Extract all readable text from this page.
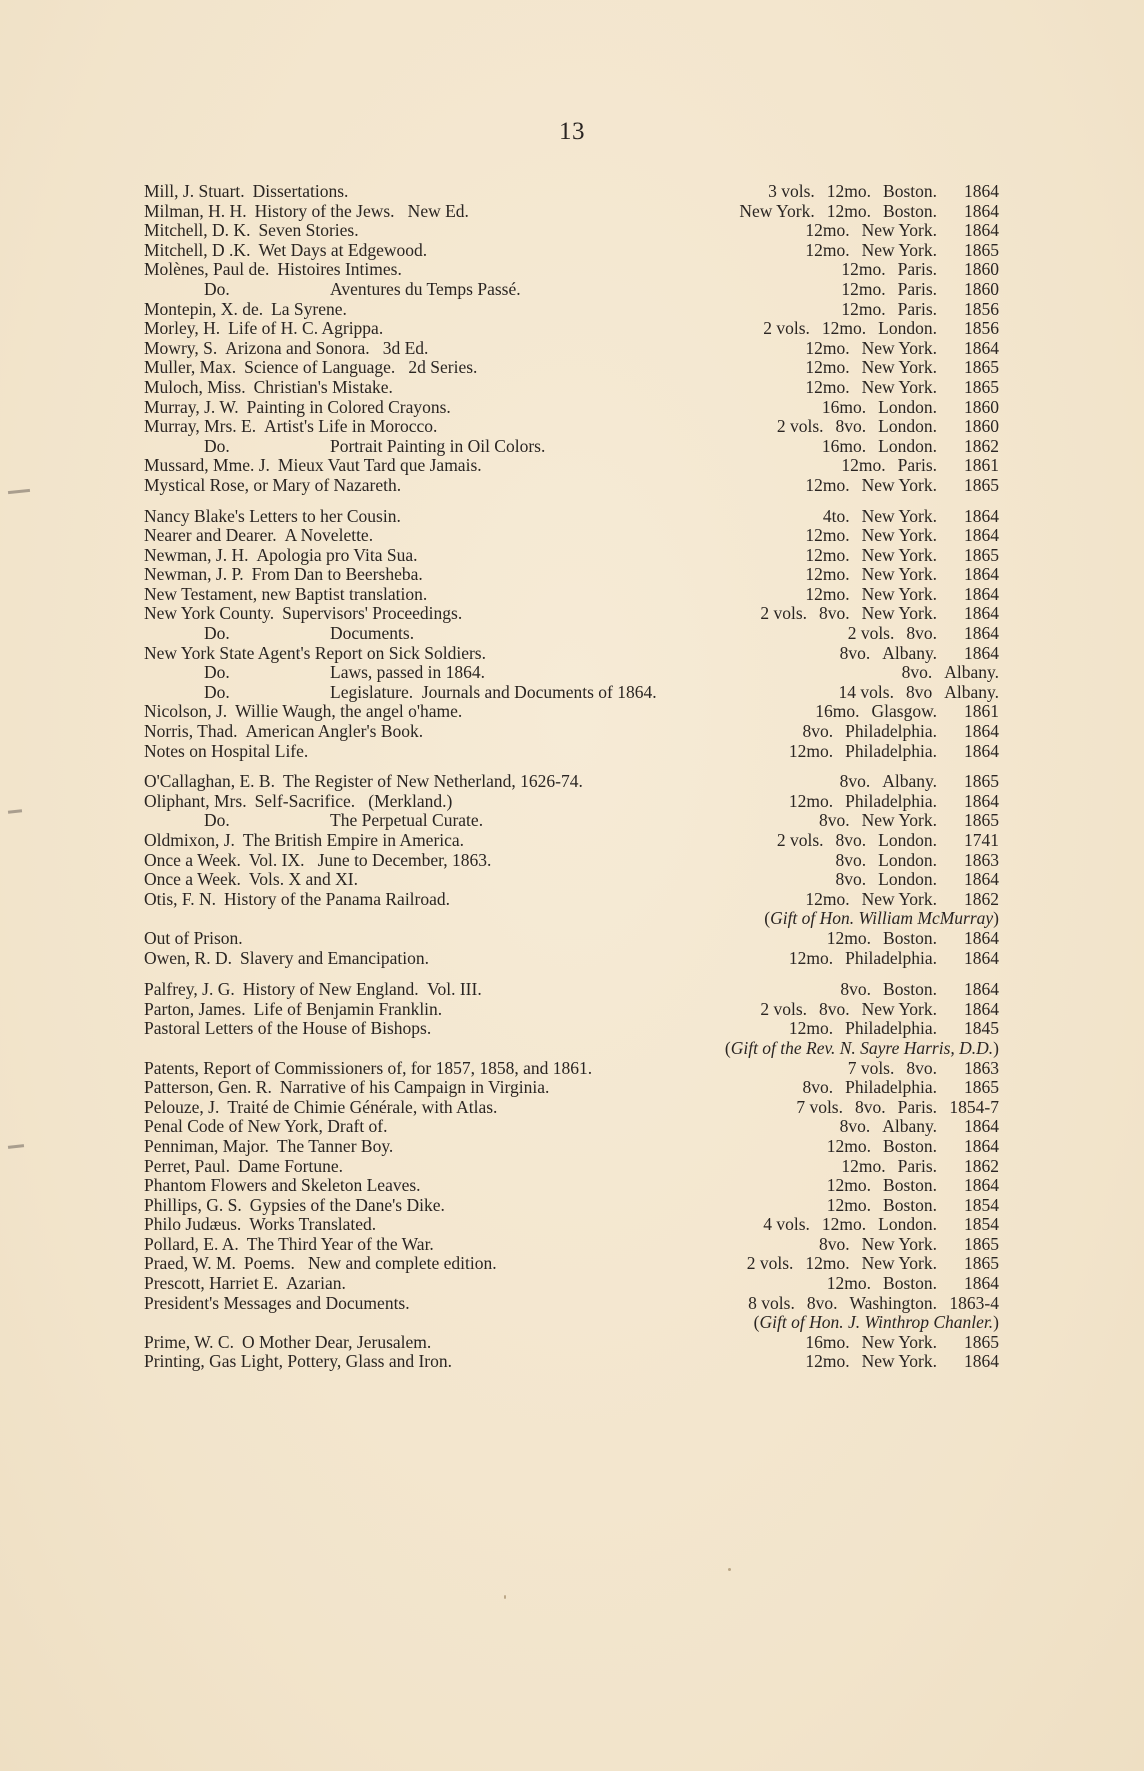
13
Mill, J. Stuart. Dissertations.	3 vols. 12mo. Boston. 1864
Milman, H. H. History of the Jews.   New Ed.	New York. 12mo. Boston. 1864
Mitchell, D. K. Seven Stories.	12mo. New York. 1864
Mitchell, D .K. Wet Days at Edgewood.	12mo. New York. 1865
Molènes, Paul de. Histoires Intimes.	12mo. Paris. 1860
Do.	Aventures du Temps Passé.	12mo. Paris. 1860
Montepin, X. de. La Syrene.	12mo. Paris. 1856
Morley, H. Life of H. C. Agrippa.	2 vols. 12mo. London. 1856
Mowry, S. Arizona and Sonora.   3d Ed.	12mo. New York. 1864
Muller, Max. Science of Language.   2d Series.	12mo. New York. 1865
Muloch, Miss. Christian's Mistake.	12mo. New York. 1865
Murray, J. W. Painting in Colored Crayons.	16mo. London. 1860
Murray, Mrs. E. Artist's Life in Morocco.	2 vols. 8vo. London. 1860
Do.	Portrait Painting in Oil Colors.	16mo. London. 1862
Mussard, Mme. J. Mieux Vaut Tard que Jamais.	12mo. Paris. 1861
Mystical Rose, or Mary of Nazareth.	12mo. New York. 1865
Nancy Blake's Letters to her Cousin.	4to. New York. 1864
Nearer and Dearer. A Novelette.	12mo. New York. 1864
Newman, J. H. Apologia pro Vita Sua.	12mo. New York. 1865
Newman, J. P. From Dan to Beersheba.	12mo. New York. 1864
New Testament, new Baptist translation.	12mo. New York. 1864
New York County. Supervisors' Proceedings.	2 vols. 8vo. New York. 1864
Do.	Documents.	2 vols. 8vo. 1864
New York State Agent's Report on Sick Soldiers.	8vo. Albany. 1864
Do.	Laws, passed in 1864.	8vo. Albany.
Do.	Legislature.  Journals and Documents of 1864.	14 vols. 8vo Albany.
Nicolson, J. Willie Waugh, the angel o'hame.	16mo. Glasgow. 1861
Norris, Thad. American Angler's Book.	8vo. Philadelphia. 1864
Notes on Hospital Life.	12mo. Philadelphia. 1864
O'Callaghan, E. B. The Register of New Netherland, 1626-74.	8vo. Albany. 1865
Oliphant, Mrs. Self-Sacrifice.   (Merkland.)	12mo. Philadelphia. 1864
Do.	The Perpetual Curate.	8vo. New York. 1865
Oldmixon, J. The British Empire in America.	2 vols. 8vo. London. 1741
Once a Week. Vol. IX.   June to December, 1863.	8vo. London. 1863
Once a Week. Vols. X and XI.	8vo. London. 1864
Otis, F. N. History of the Panama Railroad.	12mo. New York. 1862
(Gift of Hon. William McMurray)
Out of Prison.	12mo. Boston. 1864
Owen, R. D. Slavery and Emancipation.	12mo. Philadelphia. 1864
Palfrey, J. G. History of New England.  Vol. III.	8vo. Boston. 1864
Parton, James. Life of Benjamin Franklin.	2 vols. 8vo. New York. 1864
Pastoral Letters of the House of Bishops.	12mo. Philadelphia. 1845
(Gift of the Rev. N. Sayre Harris, D.D.)
Patents, Report of Commissioners of, for 1857, 1858, and 1861.	7 vols. 8vo. 1863
Patterson, Gen. R. Narrative of his Campaign in Virginia.	8vo. Philadelphia. 1865
Pelouze, J. Traité de Chimie Générale, with Atlas.	7 vols. 8vo. Paris. 1854-7
Penal Code of New York, Draft of.	8vo. Albany. 1864
Penniman, Major. The Tanner Boy.	12mo. Boston. 1864
Perret, Paul. Dame Fortune.	12mo. Paris. 1862
Phantom Flowers and Skeleton Leaves.	12mo. Boston. 1864
Phillips, G. S. Gypsies of the Dane's Dike.	12mo. Boston. 1854
Philo Judæus. Works Translated.	4 vols. 12mo. London. 1854
Pollard, E. A. The Third Year of the War.	8vo. New York. 1865
Praed, W. M. Poems.   New and complete edition.	2 vols. 12mo. New York. 1865
Prescott, Harriet E. Azarian.	12mo. Boston. 1864
President's Messages and Documents.	8 vols. 8vo. Washington. 1863-4
(Gift of Hon. J. Winthrop Chanler.)
Prime, W. C. O Mother Dear, Jerusalem.	16mo. New York. 1865
Printing, Gas Light, Pottery, Glass and Iron.	12mo. New York. 1864
